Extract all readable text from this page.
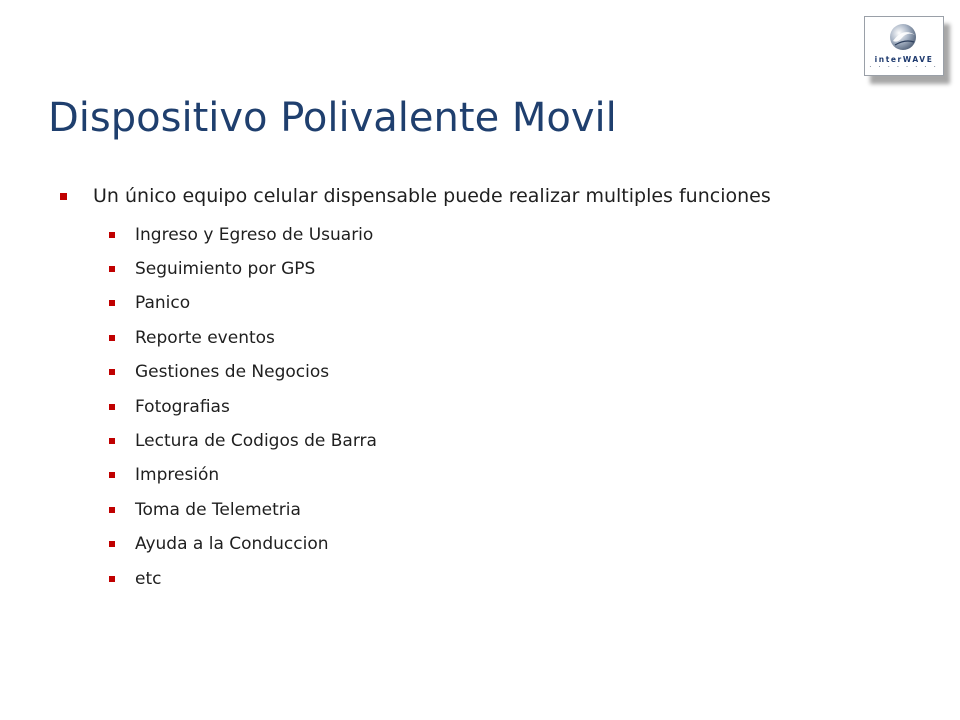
interWAVE
• • • • • • • •
Dispositivo Polivalente Movil
Un único equipo celular dispensable puede realizar multiples funciones
Ingreso y Egreso de Usuario
Seguimiento por GPS
Panico
Reporte eventos
Gestiones de Negocios
Fotografias
Lectura de Codigos de Barra
Impresión
Toma de Telemetria
Ayuda a la Conduccion
etc
